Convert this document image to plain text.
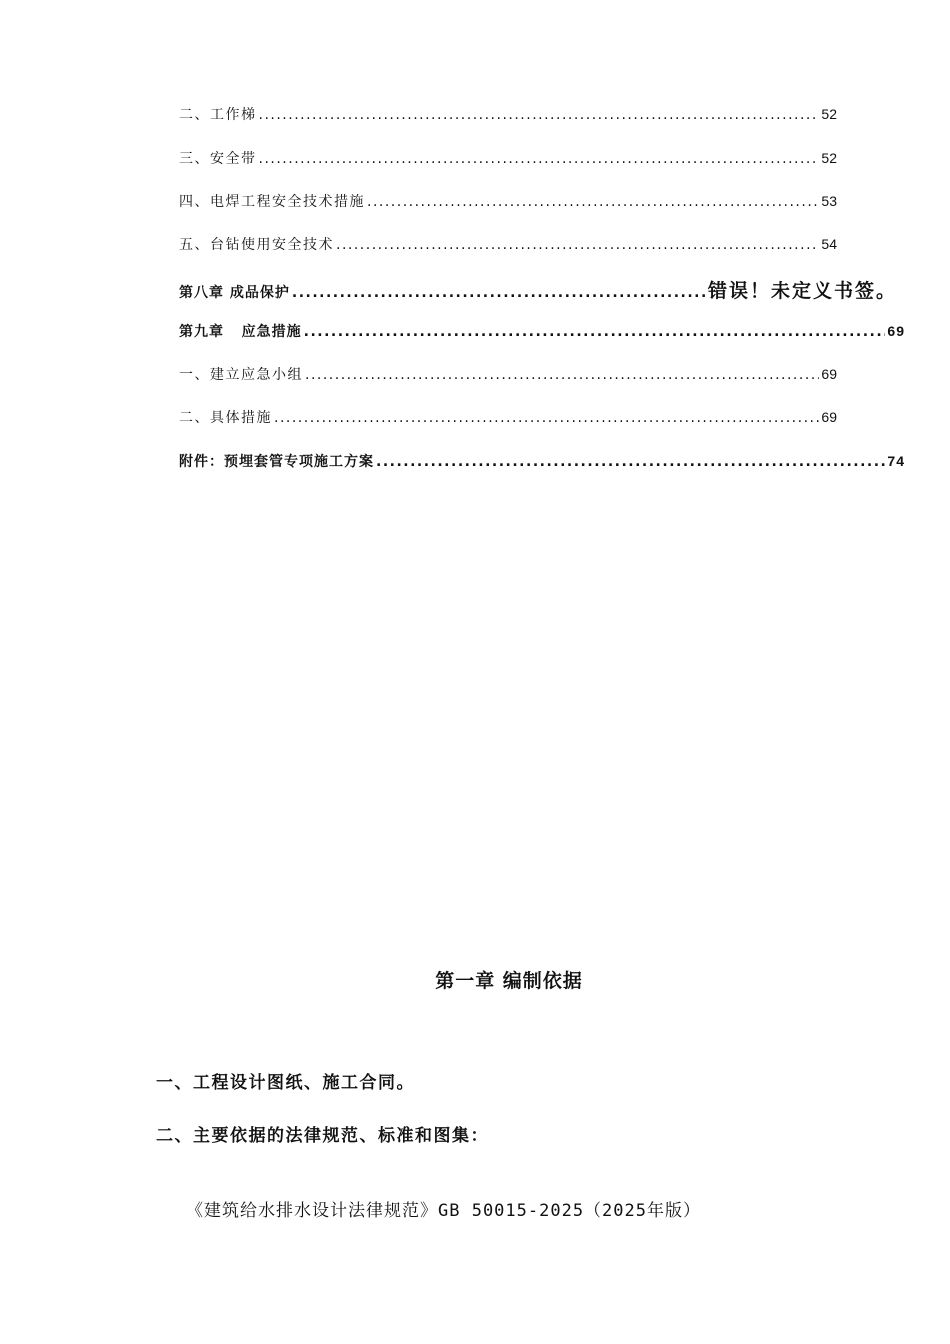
二、工作梯 .....	52
三、安全带 .....	52
四、电焊工程安全技术措施 .....	53
五、台钻使用安全技术 .....	54
第八章 成品保护 .....	错误！未定义书签。
第九章   应急措施 .....	69
一、建立应急小组 .....	69
二、具体措施 .....	69
附件：预埋套管专项施工方案 .....	74
第一章 编制依据
一、工程设计图纸、施工合同。
二、主要依据的法律规范、标准和图集：
《建筑给水排水设计法律规范》GB 50015-2025（2025年版）
